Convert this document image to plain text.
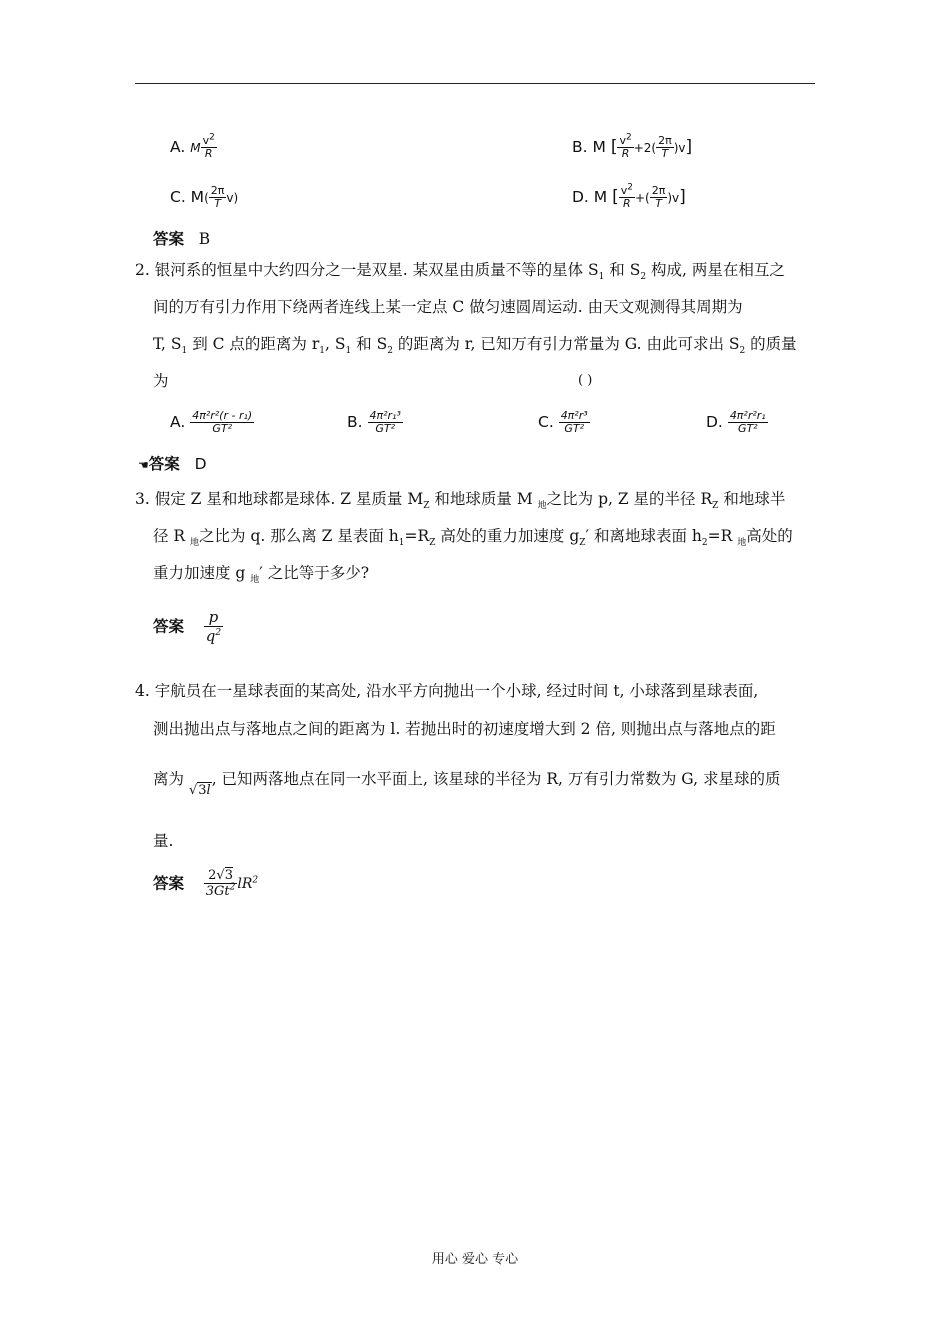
A. M $\frac{v^2}{R}$	B. M [ $\frac{v^2}{R} +2( \frac{2\pi}{T} )v$]
C. $M( \frac{2\pi}{T} v)$	D. M [ $\frac{v^2}{R}$ +( $\frac{2\pi}{T} )v$]
答案 B
2. 银河系的恒星中大约四分之一是双星. 某双星由质量不等的星体 $S_1$ 和 $S_2$ 构成, 两星在相互之
间的万有引力作用下绕两者连线上某一定点 C 做匀速圆周运动. 由天文观测得其周期为
T, $S_1$ 到 C 点的距离为 $r_1$, $S_1$ 和 $S_2$ 的距离为 r, 已知万有引力常量为 G. 由此可求出 $S_2$ 的质量
为	( )
A. $\frac{\text{4π²r²(r - r₁)}}{\text{GT²}}$	B. $\frac{\text{4π²r₁³}}{\text{GT²}}$	C. $\frac{\text{4π²r³}}{\text{GT²}}$	D. $\frac{\text{4π²r²r₁}}{\text{GT²}}$
☚答案 D
3. 假定 Z 星和地球都是球体. Z 星质量 $M_Z$ 和地球质量 M $_地$之比为 p, Z 星的半径 $R_Z$ 和地球半
径 R $_地$之比为 q. 那么离 Z 星表面 $h_1=R_Z$ 高处的重力加速度 $g_Z'$ 和离地球表面 $h_2=R$ $_地$高处的
重力加速度 g $_地$′ 之比等于多少?
答案 $\frac{p}{q^2}$
4. 宇航员在一星球表面的某高处, 沿水平方向抛出一个小球, 经过时间 t, 小球落到星球表面,
测出抛出点与落地点之间的距离为 l. 若抛出时的初速度增大到 2 倍, 则抛出点与落地点的距
离为 √3l, 已知两落地点在同一水平面上, 该星球的半径为 R, 万有引力常数为 G, 求星球的质
量.
答案 $\frac{2√3}{3Gt^2} lR^2$
用心 爱心 专心
